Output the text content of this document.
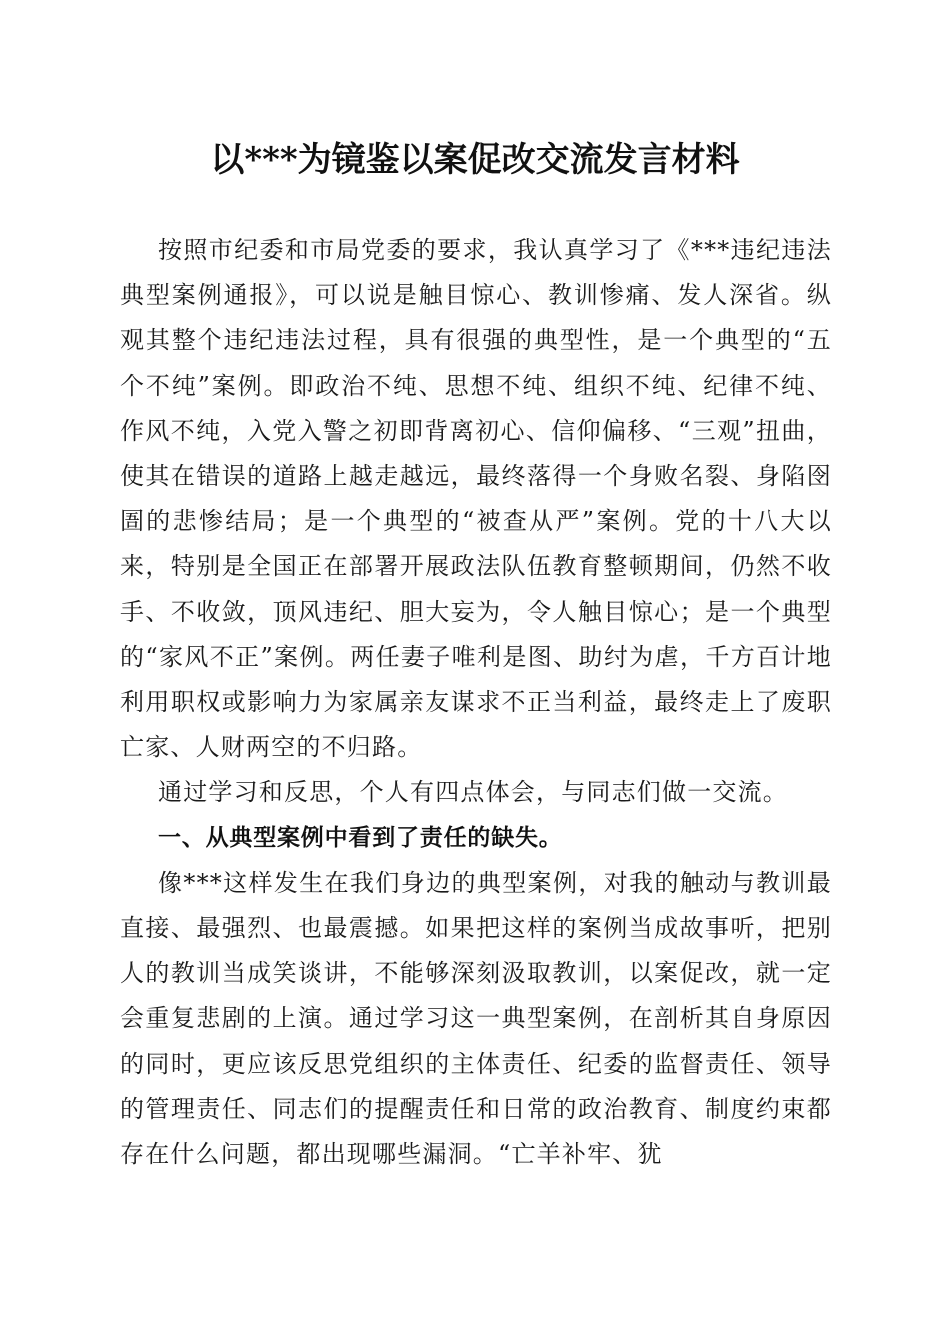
以***为镜鉴以案促改交流发言材料

按照市纪委和市局党委的要求，我认真学习了《***违纪违法典型案例通报》，可以说是触目惊心、教训惨痛、发人深省。纵观其整个违纪违法过程，具有很强的典型性，是一个典型的“五个不纯”案例。即政治不纯、思想不纯、组织不纯、纪律不纯、作风不纯，入党入警之初即背离初心、信仰偏移、“三观”扭曲，使其在错误的道路上越走越远，最终落得一个身败名裂、身陷囹圄的悲惨结局；是一个典型的“被查从严”案例。党的十八大以来，特别是全国正在部署开展政法队伍教育整顿期间，仍然不收手、不收敛，顶风违纪、胆大妄为，令人触目惊心；是一个典型的“家风不正”案例。两任妻子唯利是图、助纣为虐，千方百计地利用职权或影响力为家属亲友谋求不正当利益，最终走上了废职亡家、人财两空的不归路。

通过学习和反思，个人有四点体会，与同志们做一交流。

一、从典型案例中看到了责任的缺失。

像***这样发生在我们身边的典型案例，对我的触动与教训最直接、最强烈、也最震撼。如果把这样的案例当成故事听，把别人的教训当成笑谈讲，不能够深刻汲取教训，以案促改，就一定会重复悲剧的上演。通过学习这一典型案例，在剖析其自身原因的同时，更应该反思党组织的主体责任、纪委的监督责任、领导的管理责任、同志们的提醒责任和日常的政治教育、制度约束都存在什么问题，都出现哪些漏洞。“亡羊补牢、犹
